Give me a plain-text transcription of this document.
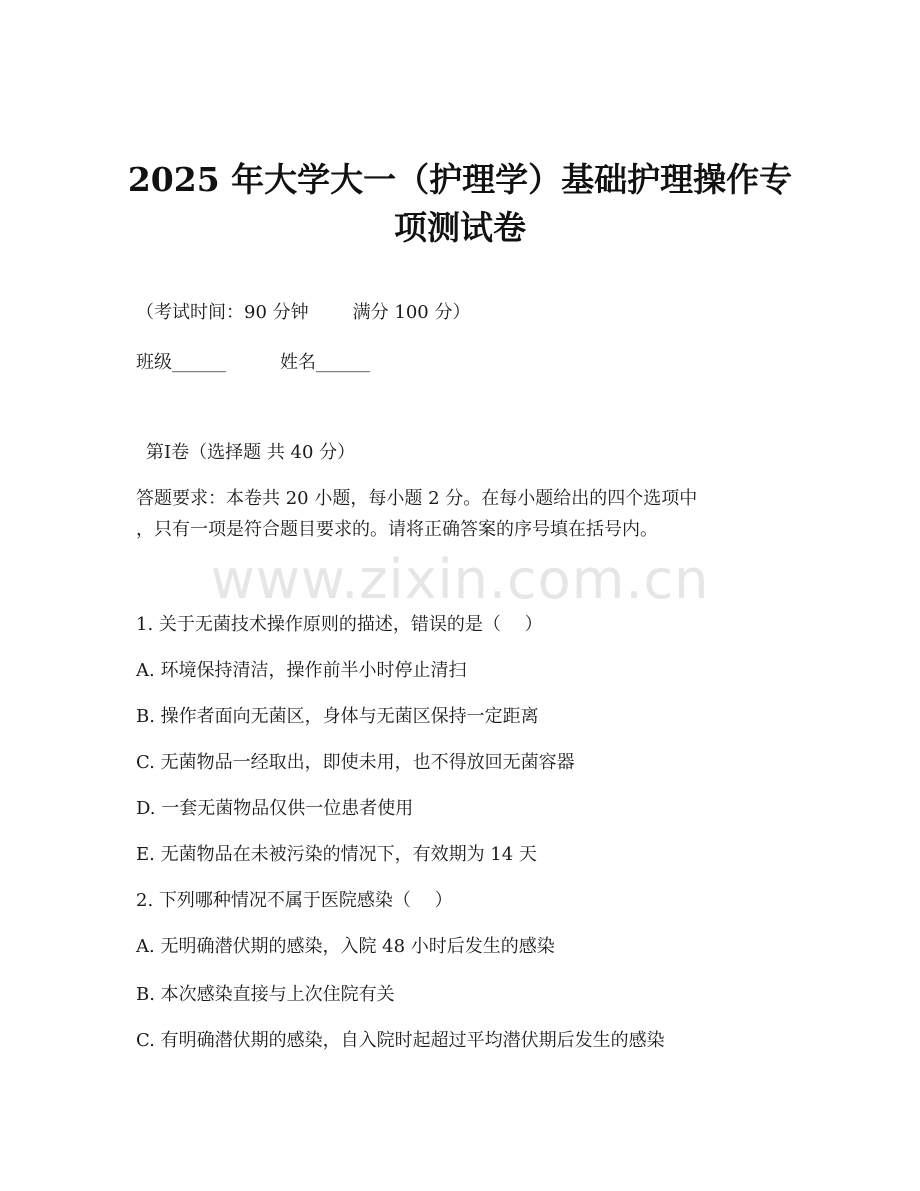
2025 年大学大一（护理学）基础护理操作专
项测试卷
（考试时间：90 分钟 满分 100 分）
班级______	姓名______
第Ⅰ卷（选择题 共 40 分）
答题要求：本卷共 20 小题，每小题 2 分。在每小题给出的四个选项中
，只有一项是符合题目要求的。请将正确答案的序号填在括号内。
www.zixin.com.cn
1. 关于无菌技术操作原则的描述，错误的是（　 ）
A. 环境保持清洁，操作前半小时停止清扫
B. 操作者面向无菌区，身体与无菌区保持一定距离
C. 无菌物品一经取出，即使未用，也不得放回无菌容器
D. 一套无菌物品仅供一位患者使用
E. 无菌物品在未被污染的情况下，有效期为 14 天
2. 下列哪种情况不属于医院感染（　 ）
A. 无明确潜伏期的感染，入院 48 小时后发生的感染
B. 本次感染直接与上次住院有关
C. 有明确潜伏期的感染，自入院时起超过平均潜伏期后发生的感染
